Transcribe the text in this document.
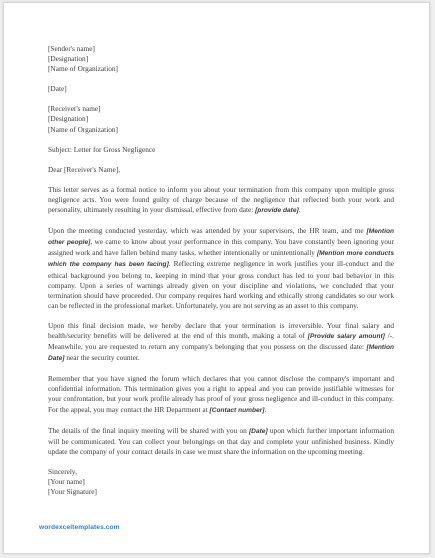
[Sender's name]
[Designation]
[Name of Organization]
[Date]
[Receiver's name]
[Designation]
[Name of Organization]
Subject: Letter for Gross Negligence
Dear [Receiver's Name],

This letter serves as a formal notice to inform you about your termination from this company upon multiple gross negligence acts. You were found guilty of charge because of the negligence that reflected both your work and personality, ultimately resulting in your dismissal, effective from date: [provide date].

Upon the meeting conducted yesterday, which was attended by your supervisors, the HR team, and me [Mention other people], we came to know about your performance in this company. You have constantly been ignoring your assigned work and have fallen behind many tasks, whether intentionally or unintentionally [Mention more conducts which the company has been facing]. Reflecting extreme negligence in work justifies your ill-conduct and the ethical background you belong to, keeping in mind that your gross conduct has led to your bad behavior in this company. Upon a series of warnings already given on your discipline and violations, we concluded that your termination should have proceeded. Our company requires hard working and ethically strong candidates so our work can be reflected in the professional market. Unfortunately, you are not serving as an asset to this company.

Upon this final decision made, we hereby declare that your termination is irreversible. Your final salary and health/security benefits will be delivered at the end of this month, making a total of [Provide salary amount] /-. Meanwhile, you are requested to return any company's belonging that you possess on the discussed date: [Mention Date] near the security counter.

Remember that you have signed the forum which declares that you cannot disclose the company's important and confidential information. This termination gives you a right to appeal and you can provide justifiable witnesses for your confrontation, but your work profile already has proof of your gross negligence and ill-conduct in this company. For the appeal, you may contact the HR Department at [Contact number].

The details of the final inquiry meeting will be shared with you on [Date] upon which further important information will be communicated. You can collect your belongings on that day and complete your unfinished business. Kindly update the company of your contact details in case we must share the information on the upcoming meeting.

Sincerely,
[Your name]
[Your Signature]
wordexceltemplates.com
